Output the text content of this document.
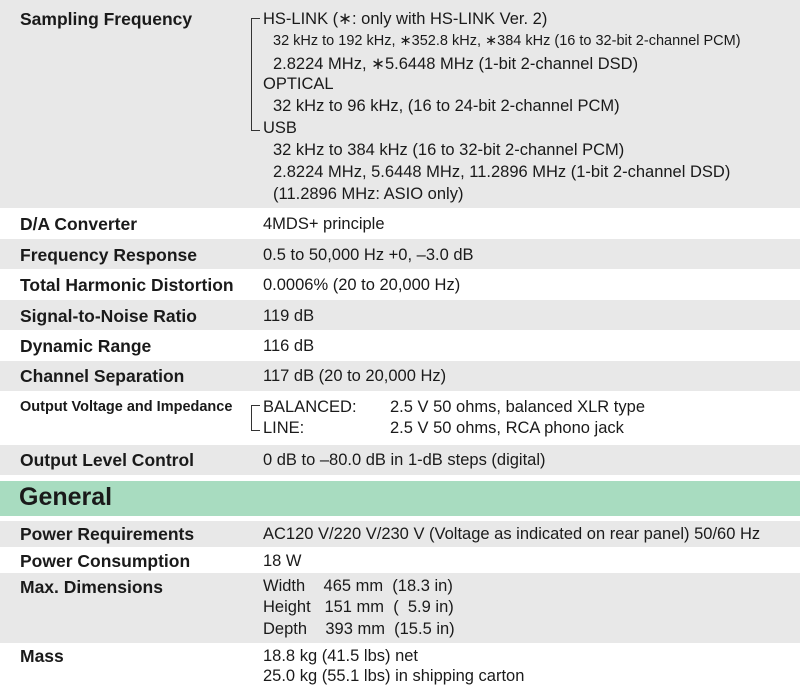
Sampling Frequency	HS-LINK (∗: only with HS-LINK Ver. 2)
32 kHz to 192 kHz, ∗352.8 kHz, ∗384 kHz (16 to 32-bit 2-channel PCM)
2.8224 MHz, ∗5.6448 MHz (1-bit 2-channel DSD)
OPTICAL
32 kHz to 96 kHz, (16 to 24-bit 2-channel PCM)
USB
32 kHz to 384 kHz (16 to 32-bit 2-channel PCM)
2.8224 MHz, 5.6448 MHz, 11.2896 MHz (1-bit 2-channel DSD)
(11.2896 MHz: ASIO only)
D/A Converter	4MDS+ principle
Frequency Response	0.5 to 50,000 Hz +0, –3.0 dB
Total Harmonic Distortion 0.0006% (20 to 20,000 Hz)
Signal-to-Noise Ratio	119 dB
Dynamic Range	116 dB
Channel Separation	117 dB (20 to 20,000 Hz)
Output Voltage and Impedance BALANCED: 2.5 V 50 ohms, balanced XLR type
LINE:	2.5 V 50 ohms, RCA phono jack
Output Level Control	0 dB to –80.0 dB in 1-dB steps (digital)
General
Power Requirements	AC120 V/220 V/230 V (Voltage as indicated on rear panel) 50/60 Hz
Power Consumption	18 W
Max. Dimensions	Width    465 mm  (18.3 in)
Height   151 mm  (  5.9 in)
Depth    393 mm  (15.5 in)
Mass	18.8 kg (41.5 lbs) net
25.0 kg (55.1 lbs) in shipping carton
